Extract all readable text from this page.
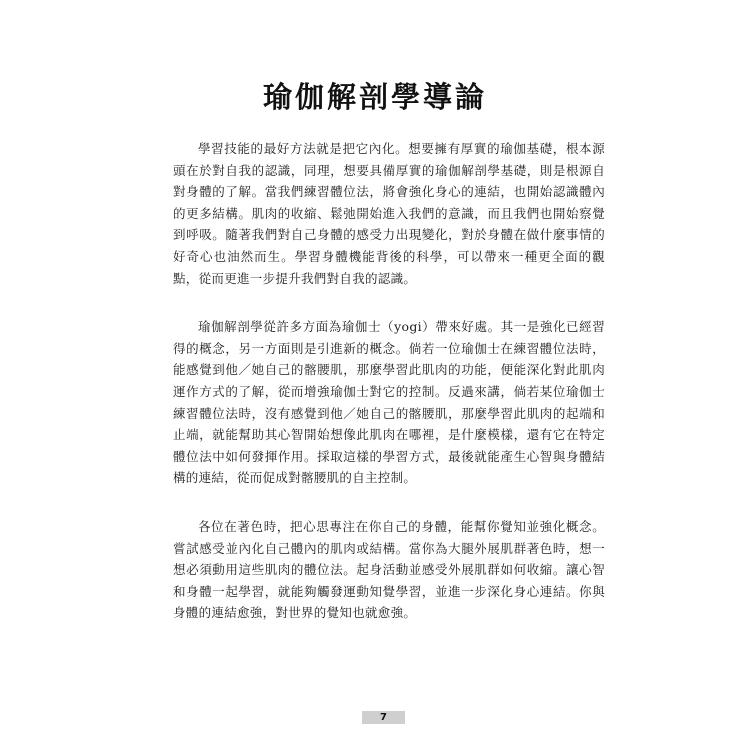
瑜伽解剖學導論

學習技能的最好方法就是把它內化。想要擁有厚實的瑜伽基礎，根本源頭在於對自我的認識，同理，想要具備厚實的瑜伽解剖學基礎，則是根源自對身體的了解。當我們練習體位法，將會強化身心的連結，也開始認識體內的更多結構。肌肉的收縮、鬆弛開始進入我們的意識，而且我們也開始察覺到呼吸。隨著我們對自己身體的感受力出現變化，對於身體在做什麼事情的好奇心也油然而生。學習身體機能背後的科學，可以帶來一種更全面的觀點，從而更進一步提升我們對自我的認識。

瑜伽解剖學從許多方面為瑜伽士（yogi）帶來好處。其一是強化已經習得的概念，另一方面則是引進新的概念。倘若一位瑜伽士在練習體位法時，能感覺到他／她自己的髂腰肌，那麼學習此肌肉的功能，便能深化對此肌肉運作方式的了解，從而增強瑜伽士對它的控制。反過來講，倘若某位瑜伽士練習體位法時，沒有感覺到他／她自己的髂腰肌，那麼學習此肌肉的起端和止端，就能幫助其心智開始想像此肌肉在哪裡，是什麼模樣，還有它在特定體位法中如何發揮作用。採取這樣的學習方式，最後就能產生心智與身體結構的連結，從而促成對髂腰肌的自主控制。

各位在著色時，把心思專注在你自己的身體，能幫你覺知並強化概念。嘗試感受並內化自己體內的肌肉或結構。當你為大腿外展肌群著色時，想一想必須動用這些肌肉的體位法。起身活動並感受外展肌群如何收縮。讓心智和身體一起學習，就能夠觸發運動知覺學習，並進一步深化身心連結。你與身體的連結愈強，對世界的覺知也就愈強。

7
